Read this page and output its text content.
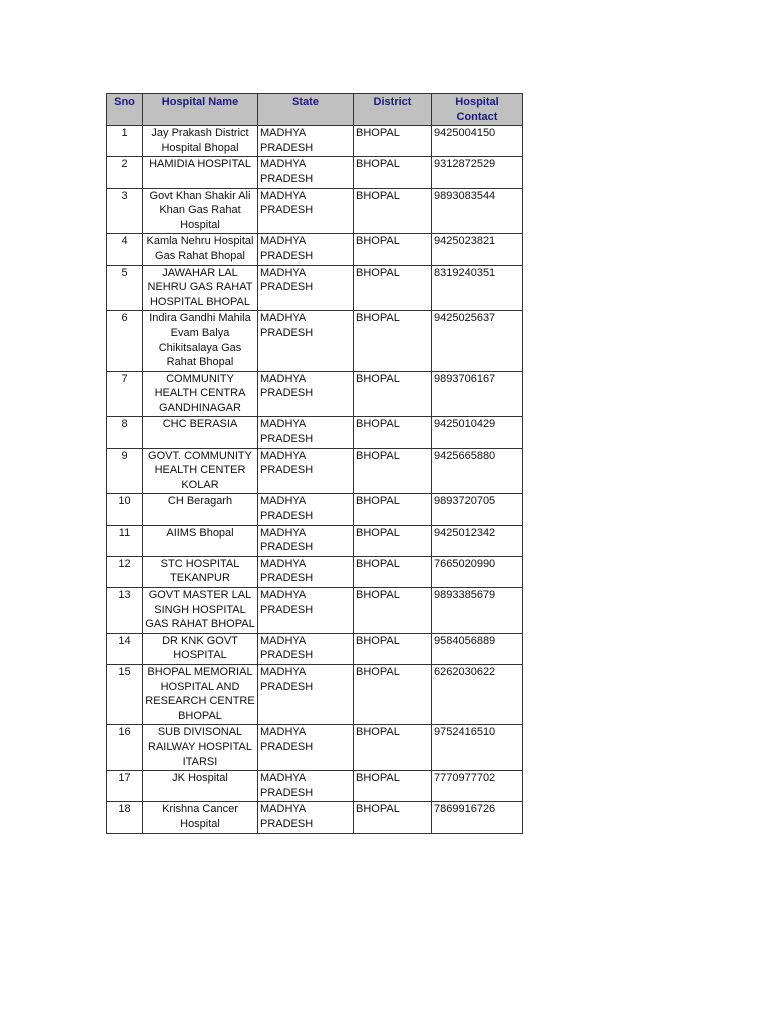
Sno	Hospital Name	State	District	Hospital Contact
1	Jay Prakash District Hospital Bhopal	MADHYA PRADESH	BHOPAL	9425004150
2	HAMIDIA HOSPITAL	MADHYA PRADESH	BHOPAL	9312872529
3	Govt Khan Shakir Ali Khan Gas Rahat Hospital	MADHYA PRADESH	BHOPAL	9893083544
4	Kamla Nehru Hospital Gas Rahat Bhopal	MADHYA PRADESH	BHOPAL	9425023821
5	JAWAHAR LAL NEHRU GAS RAHAT HOSPITAL BHOPAL	MADHYA PRADESH	BHOPAL	8319240351
6	Indira Gandhi Mahila Evam Balya Chikitsalaya Gas Rahat Bhopal	MADHYA PRADESH	BHOPAL	9425025637
7	COMMUNITY HEALTH CENTRA GANDHINAGAR	MADHYA PRADESH	BHOPAL	9893706167
8	CHC BERASIA	MADHYA PRADESH	BHOPAL	9425010429
9	GOVT. COMMUNITY HEALTH CENTER KOLAR	MADHYA PRADESH	BHOPAL	9425665880
10	CH Beragarh	MADHYA PRADESH	BHOPAL	9893720705
11	AIIMS Bhopal	MADHYA PRADESH	BHOPAL	9425012342
12	STC HOSPITAL TEKANPUR	MADHYA PRADESH	BHOPAL	7665020990
13	GOVT MASTER LAL SINGH HOSPITAL GAS RAHAT BHOPAL	MADHYA PRADESH	BHOPAL	9893385679
14	DR KNK GOVT HOSPITAL	MADHYA PRADESH	BHOPAL	9584056889
15	BHOPAL MEMORIAL HOSPITAL AND RESEARCH CENTRE BHOPAL	MADHYA PRADESH	BHOPAL	6262030622
16	SUB DIVISONAL RAILWAY HOSPITAL ITARSI	MADHYA PRADESH	BHOPAL	9752416510
17	JK Hospital	MADHYA PRADESH	BHOPAL	7770977702
18	Krishna Cancer Hospital	MADHYA PRADESH	BHOPAL	7869916726
